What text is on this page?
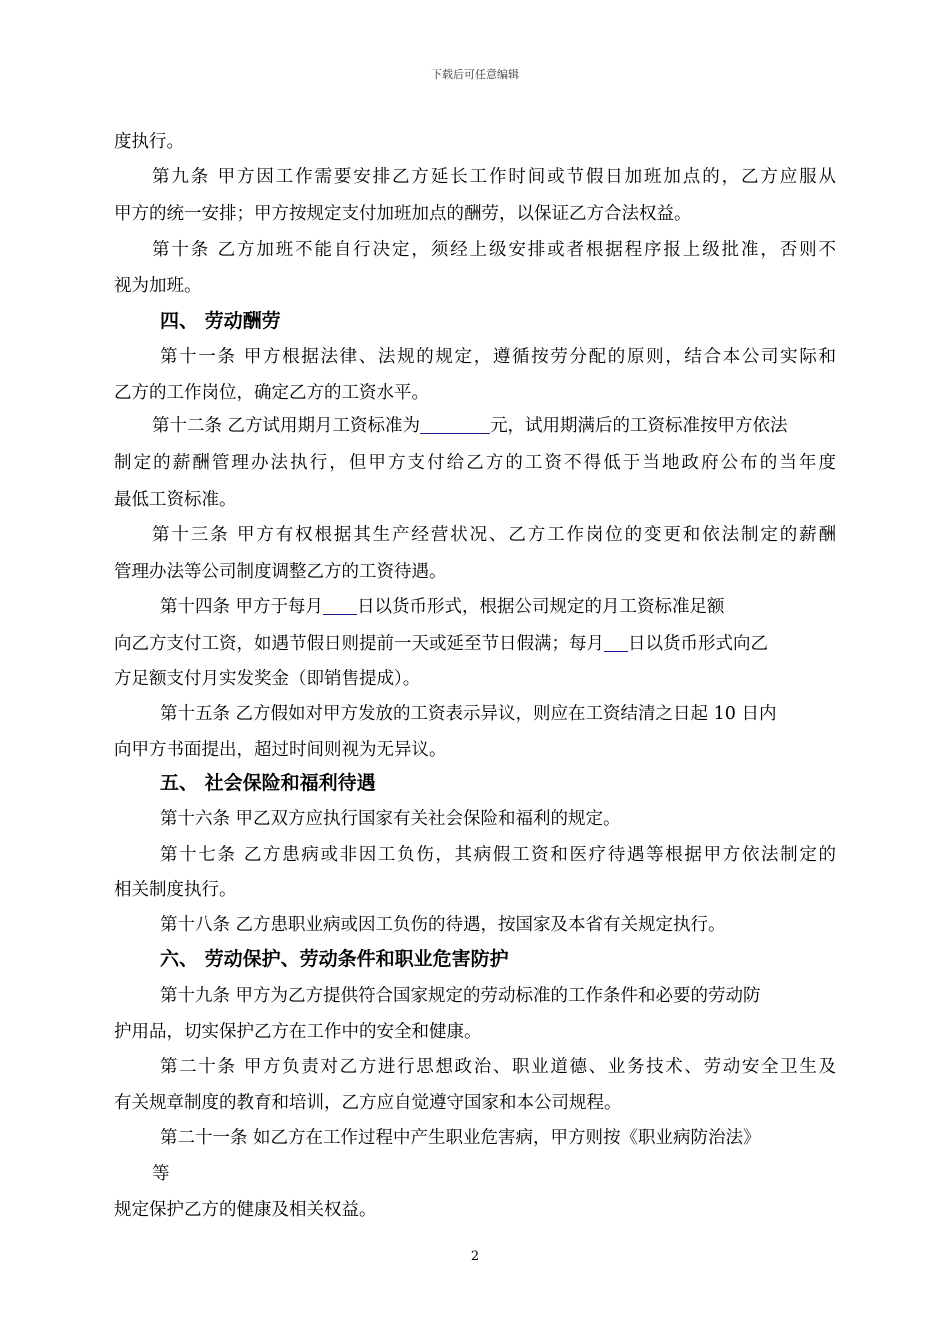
下载后可任意编辑
度执行。
第九条 甲方因工作需要安排乙方延长工作时间或节假日加班加点的，乙方应服从
甲方的统一安排；甲方按规定支付加班加点的酬劳，以保证乙方合法权益。
第十条 乙方加班不能自行决定，须经上级安排或者根据程序报上级批准，否则不
视为加班。
四、 劳动酬劳
第十一条 甲方根据法律、法规的规定，遵循按劳分配的原则，结合本公司实际和
乙方的工作岗位，确定乙方的工资水平。
第十二条 乙方试用期月工资标准为	元，试用期满后的工资标准按甲方依法
制定的薪酬管理办法执行，但甲方支付给乙方的工资不得低于当地政府公布的当年度
最低工资标准。
第十三条 甲方有权根据其生产经营状况、乙方工作岗位的变更和依法制定的薪酬
管理办法等公司制度调整乙方的工资待遇。
第十四条 甲方于每月 日以货币形式，根据公司规定的月工资标准足额
向乙方支付工资，如遇节假日则提前一天或延至节日假满；每月 日以货币形式向乙
方足额支付月实发奖金（即销售提成）。
第十五条 乙方假如对甲方发放的工资表示异议，则应在工资结清之日起 10 日内
向甲方书面提出，超过时间则视为无异议。
五、 社会保险和福利待遇
第十六条 甲乙双方应执行国家有关社会保险和福利的规定。
第十七条 乙方患病或非因工负伤，其病假工资和医疗待遇等根据甲方依法制定的
相关制度执行。
第十八条 乙方患职业病或因工负伤的待遇，按国家及本省有关规定执行。
六、 劳动保护、劳动条件和职业危害防护
第十九条 甲方为乙方提供符合国家规定的劳动标准的工作条件和必要的劳动防
护用品，切实保护乙方在工作中的安全和健康。
第二十条 甲方负责对乙方进行思想政治、职业道德、业务技术、劳动安全卫生及
有关规章制度的教育和培训，乙方应自觉遵守国家和本公司规程。
第二十一条 如乙方在工作过程中产生职业危害病，甲方则按《职业病防治法》
等
规定保护乙方的健康及相关权益。
2
